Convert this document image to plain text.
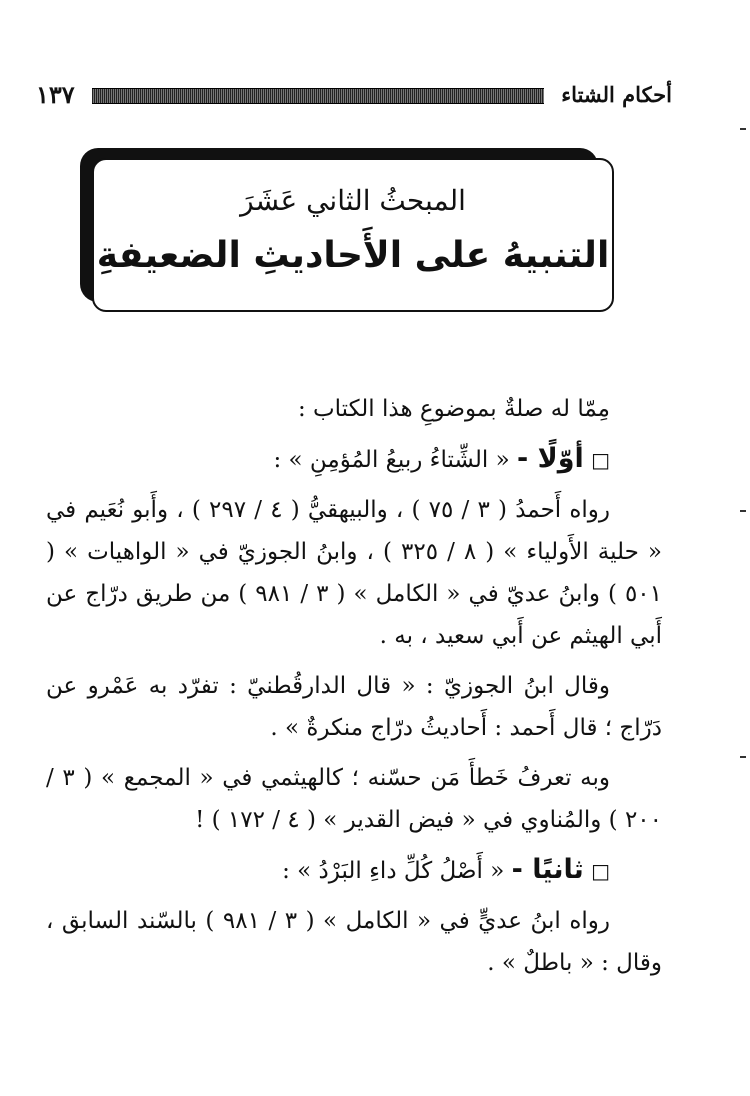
أحكام الشتاء
١٣٧
المبحثُ الثاني عَشَرَ
التنبيهُ على الأَحاديثِ الضعيفةِ

مِمّا له صلةٌ بموضوعِ هذا الكتاب :

□ أوّلًا - « الشِّتاءُ ربيعُ المُؤمِنِ » :

رواه أَحمدُ ( ٣ / ٧٥ ) ، والبيهقيُّ ( ٤ / ٢٩٧ ) ، وأَبو نُعَيم في « حلية الأَولياء » ( ٨ / ٣٢٥ ) ، وابنُ الجوزيّ في « الواهيات » ( ٥٠١ ) وابنُ عديّ في « الكامل » ( ٣ / ٩٨١ ) من طريق درّاج عن أَبي الهيثم عن أَبي سعيد ، به .

وقال ابنُ الجوزيّ : « قال الدارقُطنيّ : تفرّد به عَمْرو عن دَرّاج ؛ قال أَحمد : أَحاديثُ درّاج منكرةٌ » .

وبه تعرفُ خَطأَ مَن حسّنه ؛ كالهيثمي في « المجمع » ( ٣ / ٢٠٠ ) والمُناوي في « فيض القدير » ( ٤ / ١٧٢ ) !

□ ثانيًا - « أَصْلُ كُلِّ داءِ البَرْدُ » :

رواه ابنُ عديٍّ في « الكامل » ( ٣ / ٩٨١ ) بالسّند السابق ، وقال : « باطلٌ » .
